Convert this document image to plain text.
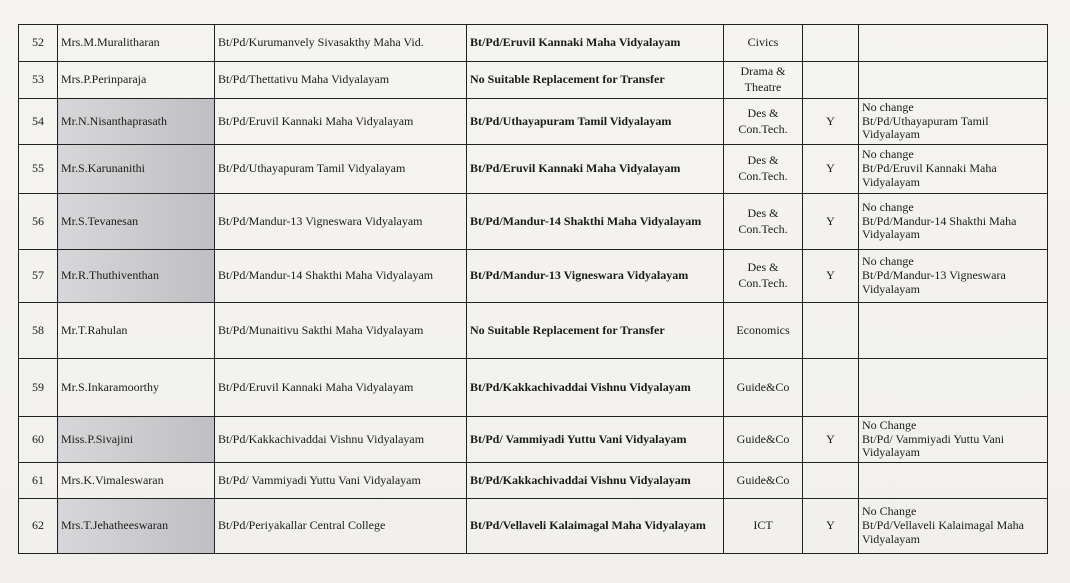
52	Mrs.M.Muralitharan	Bt/Pd/Kurumanvely Sivasakthy Maha Vid.	Bt/Pd/Eruvil Kannaki Maha Vidyalayam	Civics		
53	Mrs.P.Perinparaja	Bt/Pd/Thettativu Maha Vidyalayam	No Suitable Replacement for Transfer	Drama & Theatre		
54	Mr.N.Nisanthaprasath	Bt/Pd/Eruvil Kannaki Maha Vidyalayam	Bt/Pd/Uthayapuram Tamil Vidyalayam	Des & Con.Tech.	Y	No change
Bt/Pd/Uthayapuram Tamil
Vidyalayam

55	Mr.S.Karunanithi	Bt/Pd/Uthayapuram Tamil Vidyalayam	Bt/Pd/Eruvil Kannaki Maha Vidyalayam	Des & Con.Tech.	Y	No change
Bt/Pd/Eruvil Kannaki Maha
Vidyalayam

56	Mr.S.Tevanesan	Bt/Pd/Mandur-13 Vigneswara Vidyalayam	Bt/Pd/Mandur-14 Shakthi Maha Vidyalayam	Des & Con.Tech.	Y	No change
Bt/Pd/Mandur-14 Shakthi Maha
Vidyalayam

57	Mr.R.Thuthiventhan	Bt/Pd/Mandur-14 Shakthi Maha Vidyalayam	Bt/Pd/Mandur-13 Vigneswara Vidyalayam	Des & Con.Tech.	Y	No change
Bt/Pd/Mandur-13 Vigneswara
Vidyalayam

58	Mr.T.Rahulan	Bt/Pd/Munaitivu Sakthi Maha Vidyalayam	No Suitable Replacement for Transfer	Economics		
59	Mr.S.Inkaramoorthy	Bt/Pd/Eruvil Kannaki Maha Vidyalayam	Bt/Pd/Kakkachivaddai Vishnu Vidyalayam	Guide&Co		
60	Miss.P.Sivajini	Bt/Pd/Kakkachivaddai Vishnu Vidyalayam	Bt/Pd/ Vammiyadi Yuttu Vani Vidyalayam	Guide&Co	Y	No Change
Bt/Pd/ Vammiyadi Yuttu Vani
Vidyalayam

61	Mrs.K.Vimaleswaran	Bt/Pd/ Vammiyadi Yuttu Vani Vidyalayam	Bt/Pd/Kakkachivaddai Vishnu Vidyalayam	Guide&Co		
62	Mrs.T.Jehatheeswaran	Bt/Pd/Periyakallar Central College	Bt/Pd/Vellaveli Kalaimagal Maha Vidyalayam	ICT	Y	No Change
Bt/Pd/Vellaveli Kalaimagal Maha
Vidyalayam
